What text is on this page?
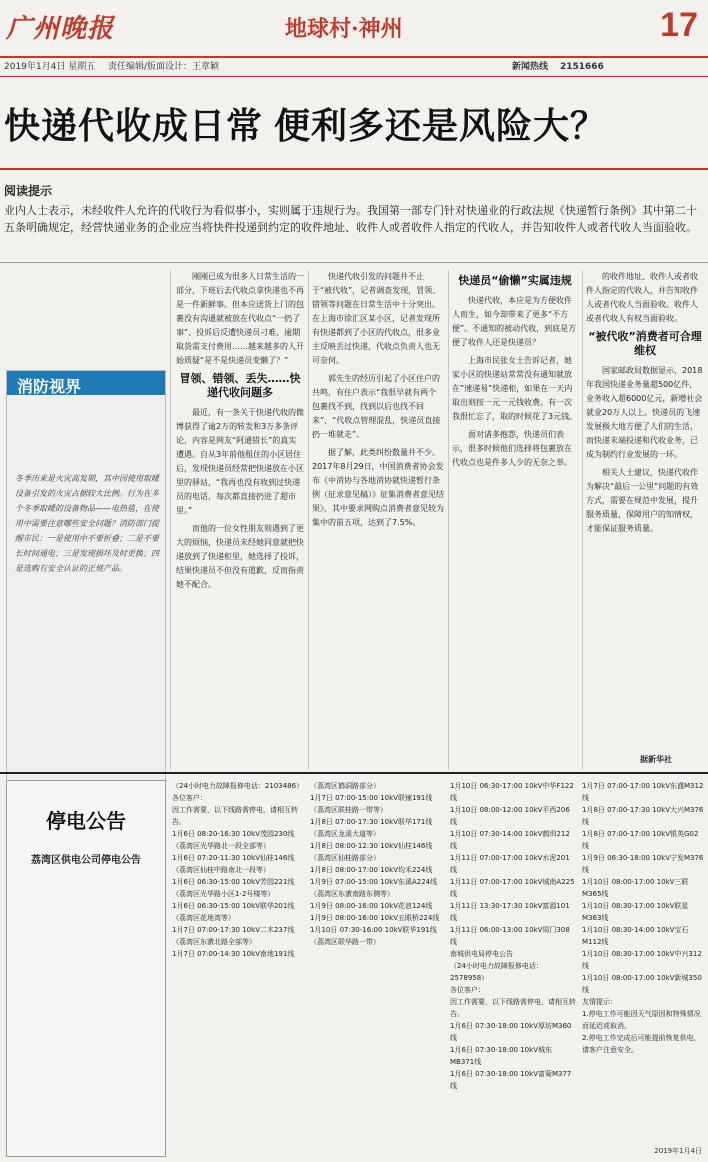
广州晚报	地球村·神州	17
2019年1月4日 星期五 责任编辑/版面设计：王章颖	新闻热线 2151666
快递代收成日常 便利多还是风险大？
阅读提示
业内人士表示，未经收件人允许的代收行为看似事小，实则属于违规行为。我国第一部专门针对快递业的行政法规《快递暂行条例》其中第二十五条明确规定，经营快递业务的企业应当将快件投递到约定的收件地址、收件人或者收件人指定的代收人，并告知收件人或者代收人当面验收。
消防视界
冬季历来是火灾高发期，其中因使用取暖设备引发的火灾占据较大比例。行为在多个冬季取暖的设备物品——电热毯，在使用中需要注意哪些安全问题？消防部门提醒市民：一是使用中不要折叠；二是不要长时间通电；三是发现损坏及时更换；四是选购有安全认证的正规产品。

刚刚已成为很多人日常生活的一部分，下班后去代收点拿快递也不再是一件新鲜事。但本应送货上门的包裹没有沟通就被放在代收点“一扔了事”、投诉后反遭快递员刁难、逾期取货需支付费用……越来越多的人开始质疑“是不是快递员变懒了？”

冒领、错领、丢失……快递代收问题多

最近，有一条关于快递代收的微博获得了逾2万的转发和3万多条评论，内容是网友“阿通错长”的真实遭遇。自从3年前他租住的小区居住后，发现快递员经常把快递放在小区里的驿站，“我再也没有收到过快递员的电话，每次都直接扔进了超市里。”

而他的一位女性朋友则遇到了更大的烦恼，快递员未经她同意就把快递放到了快递柜里，她选择了投诉，结果快递员不但没有道歉，反而指责她不配合。

快递代收引发的问题并不止于“被代收”，记者调查发现，冒领、错领等问题在日常生活中十分突出。在上海市徐汇区某小区，记者发现所有快递都到了小区的代收点，很多业主反映丢过快递，代收点负责人也无可奈何。

郭先生的经历引起了小区住户的共鸣，有住户表示“我很早就有两个包裹找不到，找到以后也找不回来”，“代收点管理混乱，快递员直接扔一堆就走”。

据了解，此类纠纷数量并不少。2017年8月29日，中国消费者协会发布《中消协与各地消协就快递暂行条例（征求意见稿）》征集消费者意见结果》，其中要求网购点消费者意见较为集中的前五项，达到了7.5%。

快递员“偷懒”实属违规

快递代收，本应是为方便收件人而生，如今却带来了更多“不方便”。不通知的被动代收，到底是方便了收件人还是快递员？

上海市民张女士告诉记者，她家小区的快递站常常没有通知就放在“速递易”快递柜，如果在一天内取出则按一元一元钱收费。有一次我很忙忘了，取的时候花了3元钱。

面对诸多抱怨，快递员们表示，很多时候他们选择将包裹放在代收点也是件多人少的无奈之举。

的收件地址、收件人或者收件人指定的代收人，并告知收件人或者代收人当面验收。收件人或者代收人有权当面验收。

“被代收”消费者可合理维权

国家邮政局数据显示，2018年我国快递业务量超500亿件，业务收入超6000亿元，新增社会就业20万人以上。快递员的飞速发展极大地方便了人们的生活，而快递末端投递和代收业务，已成为制约行业发展的一环。

相关人士建议，快递代收作为解决“最后一公里”问题的有效方式，需要在规范中发展，提升服务质量，保障用户的知情权，才能保证服务质量。

据新华社
停电公告
荔湾区供电公司停电公告
（24小时电力故障报修电话：2103486）
各位客户：
因工作需要，以下线路需停电，请相互转告。
1月6日 08:20-16:30 10kV茂园230线
（荔湾区光华路北一段全部等）
1月6日 07:20-11:30 10kV仙桂146线
（荔湾区仙桂中路南北一段等）
1月6日 06:30-15:00 10kV芳园221线
（荔湾区光华路小区1-2号楼等）
1月6日 06:30-15:00 10kV联华201线
（荔湾区花地湾等）
1月7日 07:00-17:30 10kV二木237线
（荔湾区东漖北路全部等）
1月7日 07:00-14:30 10kV南地191线
（荔湾区鹤洞路部分）
1月7日 07:00-15:00 10kV联铺191线
（荔湾区联桂路一带等）
1月8日 07:00-17:30 10kV联华171线
（荔湾区龙溪大道等）
1月8日 08:00-12:30 10kV仙桂146线
（荔湾区仙桂路部分）
1月8日 08:00-17:00 10kV均禾224线
1月9日 07:00-15:00 10kV东溪A224线
（荔湾区东漖南路东侧等）
1月9日 08:00-16:00 10kV花浪124线
1月9日 08:00-16:00 10kV五眼桥224线
1月10日 07:30-16:00 10kV联华191线
（荔湾区联华路一带）
1月10日 06:30-17:00 10kV中华F122线
1月10日 08:00-12:00 10kV平西206线
1月10日 07:30-14:00 10kV鹤圳212线
1月11日 07:00-17:00 10kV水泥201线
1月11日 07:00-17:00 10kV城南A225线
1月11日 13:30-17:30 10kV富源101线
1月11日 06:00-13:00 10kV周门308线
南城供电局停电公告
（24小时电力故障报修电话：2578958）
各位客户：
因工作需要，以下线路需停电，请相互转告。
1月6日 07:30-18:00 10kV厚坊M360线
1月6日 07:30-18:00 10kV城东MB371线
1月6日 07:30-18:00 10kV富菊M377线
1月7日 07:00-17:00 10kV东盛M312线
1月8日 07:00-17:30 10kV大兴M376线
1月8日 07:00-17:00 10kV银英G02线
1月9日 06:30-18:00 10kV宁发M376线
1月10日 08:00-17:00 10kV三联M365线
1月10日 08:30-17:00 10kV联星M363线
1月10日 08:30-14:00 10kV宝石M112线
1月10日 08:30-17:00 10kV中兴312线
1月10日 08:00-17:00 10kV新城350线
友情提示：
1.停电工作可能因天气原因和特殊情况而延迟或取消。
2.停电工作完成后可能提前恢复供电，请客户注意安全。
2019年1月4日
